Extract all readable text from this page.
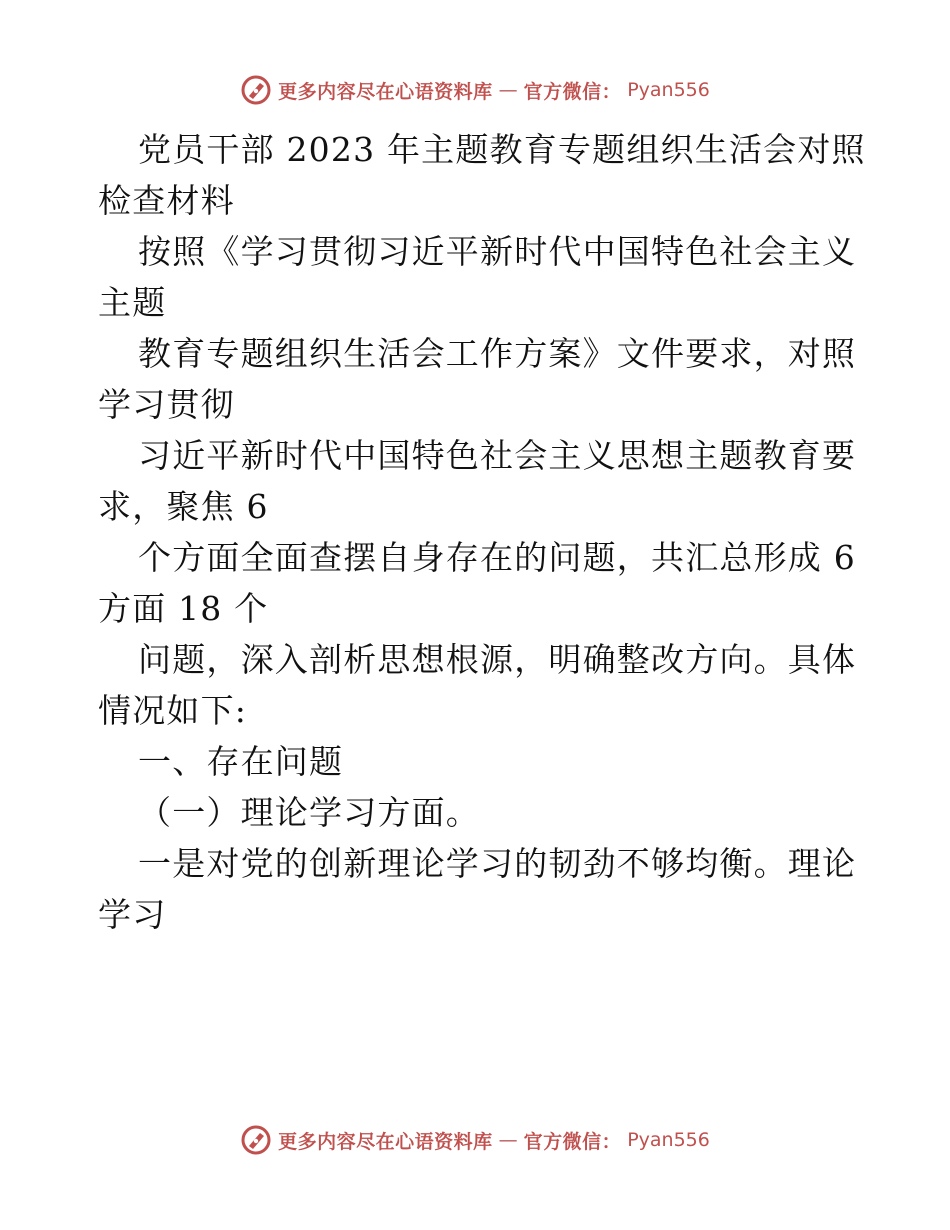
更多内容尽在心语资料库 — 官方微信： Pyan556

党员干部 2023 年主题教育专题组织生活会对照
检查材料

按照《学习贯彻习近平新时代中国特色社会主义
主题

教育专题组织生活会工作方案》文件要求，对照
学习贯彻

习近平新时代中国特色社会主义思想主题教育要
求，聚焦 6

个方面全面查摆自身存在的问题，共汇总形成 6
方面 18 个

问题，深入剖析思想根源，明确整改方向。具体
情况如下:

一、存在问题

（一）理论学习方面。

一是对党的创新理论学习的韧劲不够均衡。理论
学习

更多内容尽在心语资料库 — 官方微信： Pyan556
